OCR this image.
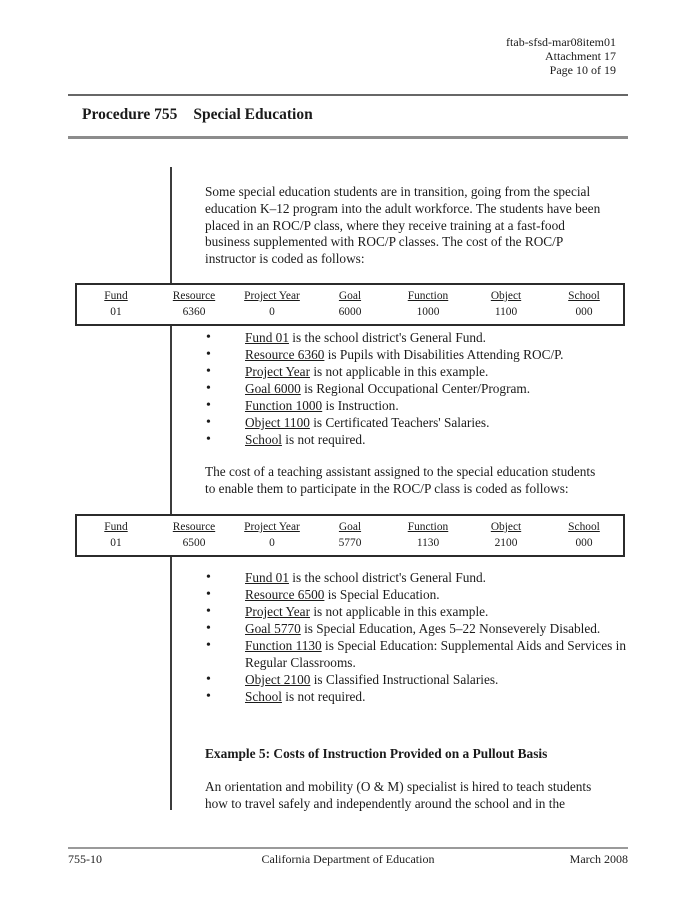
ftab-sfsd-mar08item01
Attachment 17
Page 10 of 19
Procedure 755 Special Education
Some special education students are in transition, going from the special
education K–12 program into the adult workforce. The students have been
placed in an ROC/P class, where they receive training at a fast-food
business supplemented with ROC/P classes. The cost of the ROC/P
instructor is coded as follows:
Fund	Resource	Project Year	Goal	Function	Object	School
01	6360	0	6000	1000	1100	000
• Fund 01 is the school district's General Fund.
• Resource 6360 is Pupils with Disabilities Attending ROC/P.
• Project Year is not applicable in this example.
• Goal 6000 is Regional Occupational Center/Program.
• Function 1000 is Instruction.
• Object 1100 is Certificated Teachers' Salaries.
• School is not required.
The cost of a teaching assistant assigned to the special education students
to enable them to participate in the ROC/P class is coded as follows:
Fund	Resource	Project Year	Goal	Function	Object	School
01	6500	0	5770	1130	2100	000
• Fund 01 is the school district's General Fund.
• Resource 6500 is Special Education.
• Project Year is not applicable in this example.
• Goal 5770 is Special Education, Ages 5–22 Nonseverely Disabled.
• Function 1130 is Special Education: Supplemental Aids and Services in Regular Classrooms.
• Object 2100 is Classified Instructional Salaries.
• School is not required.
Example 5: Costs of Instruction Provided on a Pullout Basis
An orientation and mobility (O & M) specialist is hired to teach students
how to travel safely and independently around the school and in the
755-10	California Department of Education	March 2008
